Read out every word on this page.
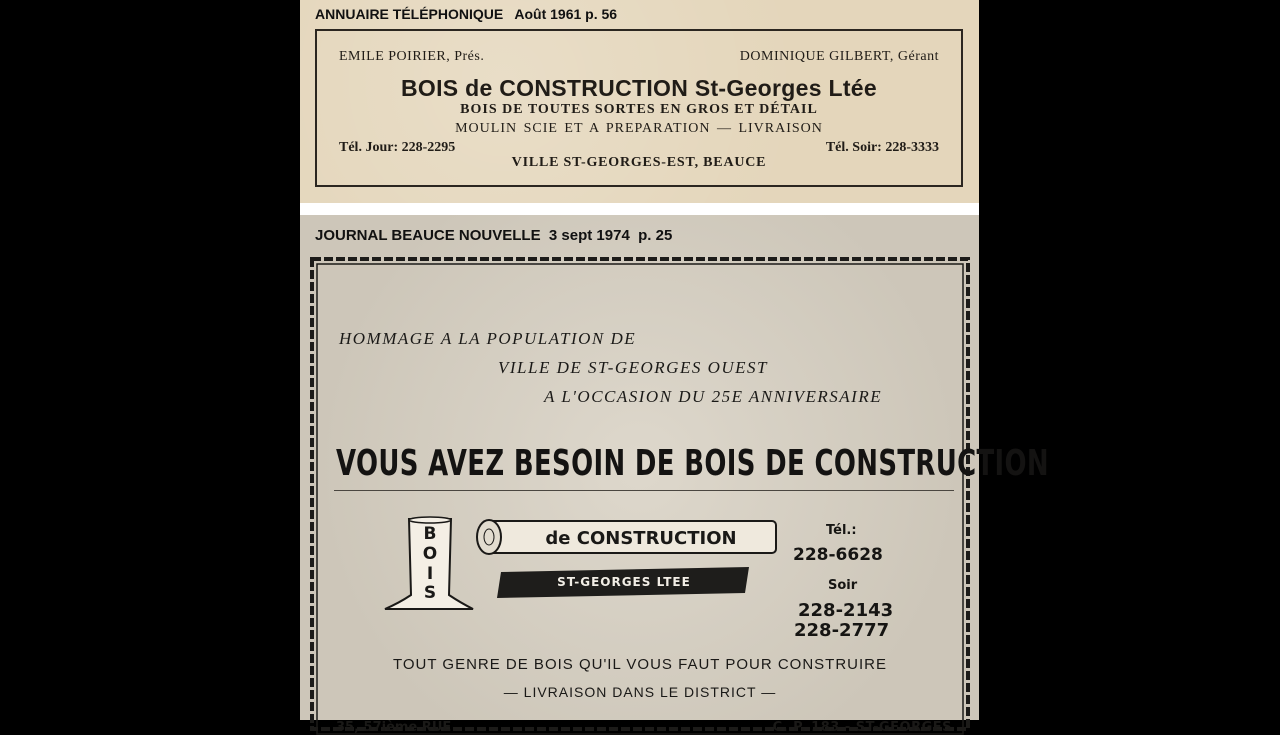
ANNUAIRE TÉLÉPHONIQUE   Août 1961 p. 56
EMILE POIRIER, Prés.	DOMINIQUE GILBERT, Gérant
BOIS de CONSTRUCTION St-Georges Ltée
BOIS DE TOUTES SORTES EN GROS ET DÉTAIL
MOULIN SCIE ET A PREPARATION — LIVRAISON
Tél. Jour: 228-2295	Tél. Soir: 228-3333
VILLE ST-GEORGES-EST, BEAUCE
JOURNAL BEAUCE NOUVELLE  3 sept 1974  p. 25
HOMMAGE A LA POPULATION DE
VILLE DE ST-GEORGES OUEST
A L'OCCASION DU 25E ANNIVERSAIRE
VOUS AVEZ BESOIN DE BOIS DE CONSTRUCTION
B
O
I
S
de CONSTRUCTION
ST-GEORGES LTEE
Tél.:
228-6628
Soir
228-2143
228-2777
TOUT GENRE DE BOIS QU'IL VOUS FAUT POUR CONSTRUIRE
— LIVRAISON DANS LE DISTRICT —
35, 57ième RUE	C. P. 183 - ST-GEORGES
